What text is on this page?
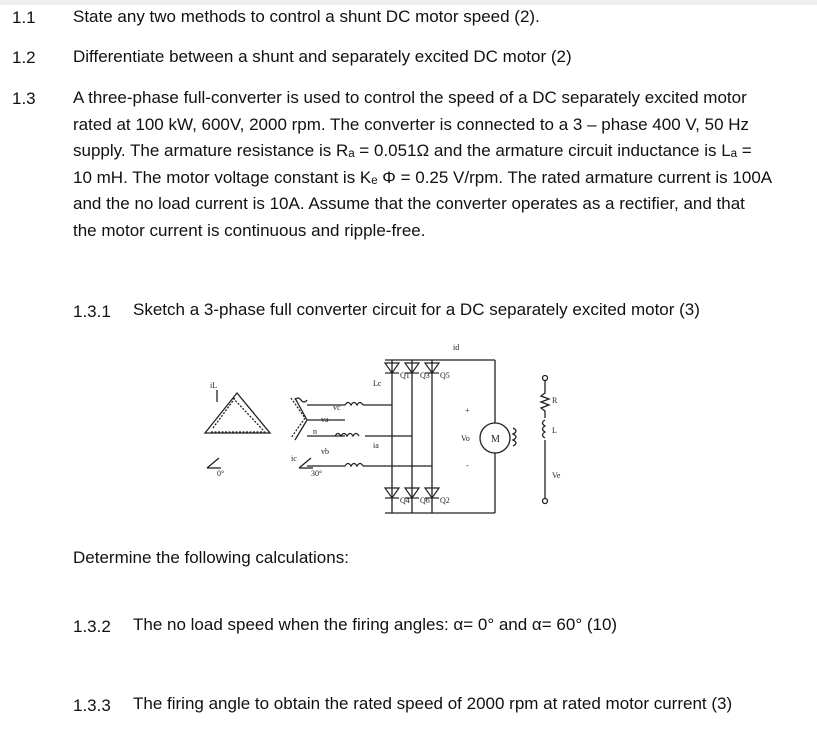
1.1 State any two methods to control a shunt DC motor speed (2).
1.2 Differentiate between a shunt and separately excited DC motor (2)
1.3 A three-phase full-converter is used to control the speed of a DC separately excited motor rated at 100 kW, 600V, 2000 rpm. The converter is connected to a 3 – phase 400 V, 50 Hz supply. The armature resistance is Rₐ = 0.051Ω and the armature circuit inductance is Lₐ = 10 mH. The motor voltage constant is Kₑ Φ = 0.25 V/rpm. The rated armature current is 100A and the no load current is 10A. Assume that the converter operates as a rectifier, and that the motor current is continuous and ripple-free.
1.3.1 Sketch a 3-phase full converter circuit for a DC separately excited motor (3)
iL
0°	30°
Lc
va
ia
vb
ic
vc
n
id
Q1 Q3 Q5
Q4 Q6 Q2
+
-
Vo M
R
L
Ve
Determine the following calculations:
1.3.2 The no load speed when the firing angles: α= 0° and α= 60° (10)
1.3.3 The firing angle to obtain the rated speed of 2000 rpm at rated motor current (3)
